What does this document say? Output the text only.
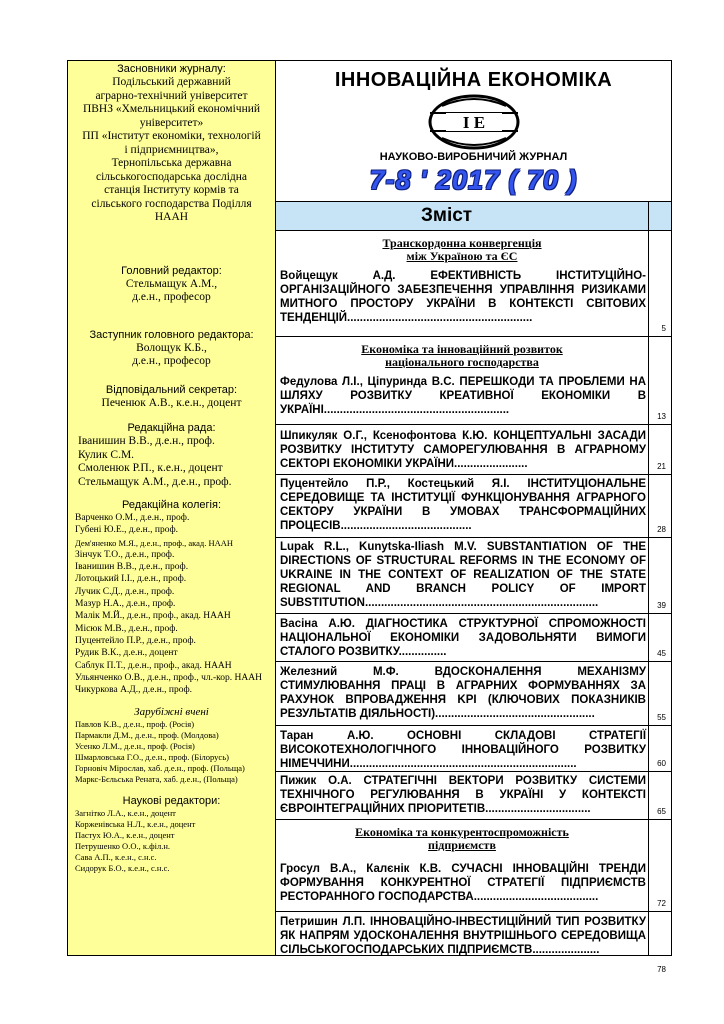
Засновники журналу:
Подільський державний
аграрно-технічний університет
ПВНЗ «Хмельницький економічний
університет»
ПП «Інститут економіки, технологій
і підприємництва»,
Тернопільська державна
сільськогосподарська дослідна
станція Інституту кормів та
сільського господарства Поділля
НААН
Головний редактор:
Стельмащук А.М.,
д.е.н., професор
Заступник головного редактора:
Волощук К.Б.,
д.е.н., професор
Відповідальний секретар:
Печенюк А.В., к.е.н., доцент
Редакційна рада:
Іванишин В.В., д.е.н., проф.
Кулик С.М.
Смоленюк Р.П., к.е.н., доцент
Стельмащук А.М., д.е.н., проф.
Редакційна колегія:
Варченко О.М., д.е.н., проф.
Губені Ю.Е., д.е.н., проф.
Дем'яненко М.Я., д.е.н., проф., акад. НААН
Зінчук Т.О., д.е.н., проф.
Іванишин В.В., д.е.н., проф.
Лотоцький І.І., д.е.н., проф.
Лучик С.Д., д.е.н., проф.
Мазур Н.А., д.е.н., проф.
Малік М.Й., д.е.н., проф., акад. НААН
Місюк М.В., д.е.н., проф.
Пуцентейло П.Р., д.е.н., проф.
Рудик В.К., д.е.н., доцент
Саблук П.Т., д.е.н., проф., акад. НААН
Ульянченко О.В., д.е.н., проф., чл.-кор. НААН
Чикуркова А.Д., д.е.н., проф.
Зарубіжні вчені
Павлов К.В., д.е.н., проф. (Росія)
Пармакли Д.М., д.е.н., проф. (Молдова)
Усенко Л.М., д.е.н., проф. (Росія)
Шмарловська Г.О., д.е.н., проф. (Білорусь)
Горновіч Мірослав, хаб. д.е.н., проф. (Польща)
Маркс-Бєльська Рената, хаб. д.е.н., (Польща)
Наукові редактори:
Загнітко Л.А., к.е.н., доцент
Корженівська Н.Л., к.е.н., доцент
Пастух Ю.А., к.е.н., доцент
Петрушенко О.О., к.філ.н.
Сава А.П., к.е.н., с.н.с.
Сидорук Б.О., к.е.н., с.н.с.
ІННОВАЦІЙНА ЕКОНОМІКА
І Е
НАУКОВО-ВИРОБНИЧИЙ ЖУРНАЛ
7-8 ' 2017 ( 70 )
Зміст
Транскордонна конвергенція
між Україною та ЄС
Войцещук А.Д.	ЕФЕКТИВНІСТЬ ІНСТИТУЦІЙНО-ОРГАНІЗАЦІЙНОГО ЗАБЕЗПЕЧЕННЯ УПРАВЛІННЯ РИЗИКАМИ МИТНОГО ПРОСТОРУ УКРАЇНИ В КОНТЕКСТІ СВІТОВИХ ТЕНДЕНЦІЙ..........................................................
5
Економіка та інноваційний розвиток
національного господарства
Федулова Л.І., Ціпуринда В.С. ПЕРЕШКОДИ ТА ПРОБЛЕМИ НА ШЛЯХУ РОЗВИТКУ КРЕАТИВНОЇ ЕКОНОМІКИ В УКРАЇНІ..........................................................
13
Шпикуляк О.Г., Ксенофонтова К.Ю. КОНЦЕПТУАЛЬНІ ЗАСАДИ РОЗВИТКУ ІНСТИТУТУ САМОРЕГУЛЮВАННЯ В АГРАРНОМУ СЕКТОРІ ЕКОНОМІКИ УКРАЇНИ.......................	21
Пуцентейло П.Р., Костецький Я.І. ІНСТИТУЦІОНАЛЬНЕ СЕРЕДОВИЩЕ ТА ІНСТИТУЦІЇ ФУНКЦІОНУВАННЯ АГРАРНОГО СЕКТОРУ УКРАЇНИ В УМОВАХ ТРАНСФОРМАЦІЙНИХ ПРОЦЕСІВ.........................................	28
Lupak R.L., Kunytska-Iliash M.V. SUBSTANTIATION OF THE DIRECTIONS OF STRUCTURAL REFORMS IN THE ECONOMY OF UKRAINE IN THE CONTEXT OF REALIZATION OF THE STATE REGIONAL AND BRANCH POLICY OF IMPORT SUBSTITUTION.........................................................................	39
Васіна А.Ю. ДІАГНОСТИКА СТРУКТУРНОЇ СПРОМОЖНОСТІ НАЦІОНАЛЬНОЇ ЕКОНОМІКИ ЗАДОВОЛЬНЯТИ ВИМОГИ СТАЛОГО РОЗВИТКУ...............	45
Железний М.Ф.	ВДОСКОНАЛЕННЯ МЕХАНІЗМУ СТИМУЛЮВАННЯ ПРАЦІ В АГРАРНИХ ФОРМУВАННЯХ ЗА РАХУНОК ВПРОВАДЖЕННЯ KPI (КЛЮЧОВИХ ПОКАЗНИКІВ РЕЗУЛЬТАТІВ ДІЯЛЬНОСТІ)..................................................	55
Таран А.Ю.	ОСНОВНІ СКЛАДОВІ СТРАТЕГІЇ ВИСОКОТЕХНОЛОГІЧНОГО ІННОВАЦІЙНОГО РОЗВИТКУ НІМЕЧЧИНИ.......................................................................	60
Пижик О.А. СТРАТЕГІЧНІ ВЕКТОРИ РОЗВИТКУ СИСТЕМИ ТЕХНІЧНОГО РЕГУЛЮВАННЯ В УКРАЇНІ У КОНТЕКСТІ ЄВРОІНТЕГРАЦІЙНИХ ПРІОРИТЕТІВ.................................	65
Економіка та конкурентоспроможність
підприємств
Гросул В.А., Калєнік К.В. СУЧАСНІ ІННОВАЦІЙНІ ТРЕНДИ ФОРМУВАННЯ КОНКУРЕНТНОЇ СТРАТЕГІЇ ПІДПРИЄМСТВ РЕСТОРАННОГО ГОСПОДАРСТВА.......................................
72
Петришин Л.П. ІННОВАЦІЙНО-ІНВЕСТИЦІЙНИЙ ТИП РОЗВИТКУ ЯК НАПРЯМ УДОСКОНАЛЕННЯ ВНУТРІШНЬОГО СЕРЕДОВИЩА СІЛЬСЬКОГОСПОДАРСЬКИХ ПІДПРИЄМСТВ.....................
78
